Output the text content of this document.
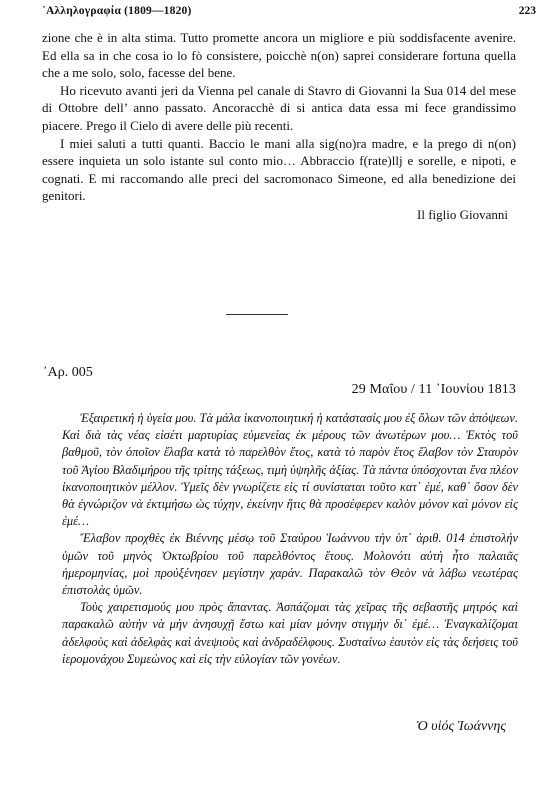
᾿Αλληλογραφία (1809—1820)	223

zione che è in alta stima. Tutto promette ancora un migliore e più soddisfacente avenire. Ed ella sa in che cosa io lo fò consistere, poicchè n(on) saprei considerare fortuna quella che a me solo, solo, facesse del bene.

Ho ricevuto avanti jeri da Vienna pel canale di Stavro di Giovanni la Sua 014 del mese di Ottobre dell’ anno passato. Ancoracchè di si antica data essa mi fece grandissimo piacere. Prego il Cielo di avere delle più recenti.

I miei saluti a tutti quanti. Baccio le mani alla sig(no)ra madre, e la prego di n(on) essere inquieta un solo istante sul conto mio… Abbraccio f(rate)llj e sorelle, e nipoti, e cognati. E mi raccomando alle preci del sacromonaco Simeone, ed alla benedizione dei genitori.

Il figlio Giovanni

᾿Αρ. 005
29 Μαΐου / 11 ᾿Ιουνίου 1813

Ἐξαιρετική ἡ ὑγεία μου. Τὰ μάλα ἱκανοποιητική ἡ κατάστασίς μου ἐξ ὅλων τῶν ἀπόψεων. Καὶ διὰ τὰς νέας εἰσέτι μαρτυρίας εὐμενείας ἐκ μέρους τῶν ἀνωτέρων μου… Ἐκτὸς τοῦ βαθμοῦ, τὸν ὁποῖον ἔλαβα κατὰ τὸ παρελθὸν ἔτος, κατὰ τὸ παρὸν ἔτος ἔλαβον τὸν Σταυρὸν τοῦ Ἁγίου Βλαδιμήρου τῆς τρίτης τάξεως, τιμὴ ὑψηλῆς ἀξίας. Τὰ πάντα ὑπόσχονται ἕνα πλέον ἱκανοποιητικὸν μέλλον. Ὑμεῖς δὲν γνωρίζετε εἰς τί συνίσταται τοῦτο κατ᾿ ἐμέ, καθ᾿ ὅσον δὲν θὰ ἐγνώριζον νὰ ἐκτιμήσω ὡς τύχην, ἐκείνην ἥτις θὰ προσέφερεν καλὸν μόνον καὶ μόνον εἰς ἐμέ…

Ἔλαβον προχθὲς ἐκ Βιέννης μέσῳ τοῦ Σταύρου Ἰωάννου τὴν ὑπ᾿ ἀριθ. 014 ἐπιστολήν ὑμῶν τοῦ μηνὸς Ὀκτωβρίου τοῦ παρελθόντος ἔτους. Μολονότι αὐτὴ ἦτο παλαιᾶς ἡμερομηνίας, μοὶ προὐξένησεν μεγίστην χαράν. Παρακαλῶ τὸν Θεὸν νὰ λάβω νεωτέρας ἐπιστολὰς ὑμῶν.

Τοὺς χαιρετισμούς μου πρὸς ἅπαντας. Ἀσπάζομαι τὰς χεῖρας τῆς σεβαστῆς μητρός καὶ παρακαλῶ αὐτὴν νὰ μὴν ἀνησυχῇ ἔστω καὶ μίαν μόνην στιγμὴν δι᾿ ἐμέ… Ἐναγκαλίζομαι ἀδελφοὺς καὶ ἀδελφὰς καὶ ἀνεψιοὺς καὶ ἀνδραδέλφους. Συσταίνω ἑαυτὸν εἰς τὰς δεήσεις τοῦ ἱερομονάχου Συμεὼνος καὶ εἰς τὴν εὐλογίαν τῶν γονέων.

Ὁ υἱός Ἰωάννης
